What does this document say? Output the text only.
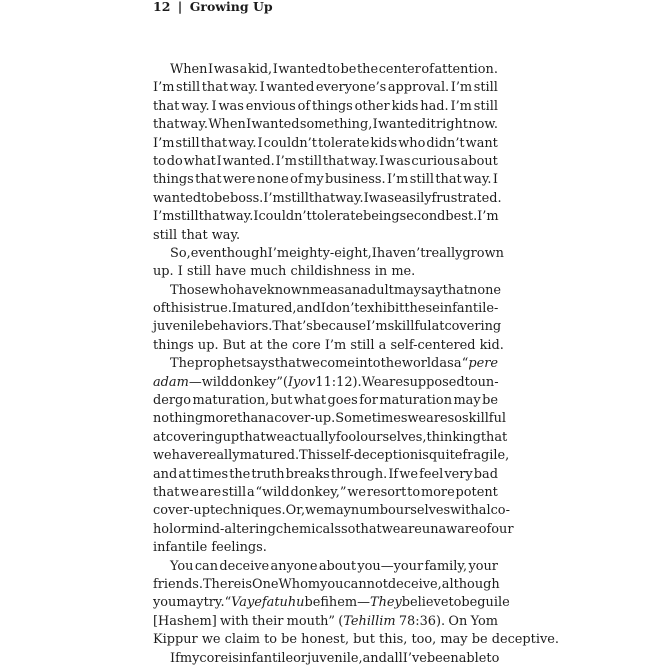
12 | Growing Up
When I was a kid, I wanted to be the center of attention.
I’m still that way. I wanted everyone’s approval. I’m still
that way. I was envious of things other kids had. I’m still
that way. When I wanted something, I wanted it right now.
I’m still that way. I couldn’t tolerate kids who didn’t want
to do what I wanted. I’m still that way. I was curious about
things that were none of my business. I’m still that way. I
wanted to be boss. I’m still that way. I was easily frustrated.
I’m still that way. I couldn’t tolerate being second best. I’m
still
that
way.
So, even though I’m eighty-eight, I haven’t really grown
up.
I
still
have
much
childishness
in
me.
Those who have known me as an adult may say that none
of this is true. I matured, and I don’t exhibit these infantile-
juvenile behaviors. That’s because I’m skillful at covering
things
up.
But
at
the
core
I’m
still
a
self-centered
kid.
The prophet says that we come into the world as a “pere
adam—wild donkey” (Iyov 11:12). We are supposed to un-
dergo maturation, but what goes for maturation may be
nothing more than a cover-up. Sometimes we are so skillful
at covering up that we actually fool ourselves, thinking that
we have really matured. This self-deception is quite fragile,
and at times the truth breaks through. If we feel very bad
that we are still a “wild donkey,” we resort to more potent
cover-up techniques. Or, we may numb ourselves with alco-
hol or mind-altering chemicals so that we are unaware of our
infantile
feelings.
You can deceive anyone about you—your family, your
friends. There is One Whom you cannot deceive, although
you may try. “Vayefatuhu befihem—They believe to beguile
[Hashem] with their mouth” (Tehillim 78:36). On Yom
Kippur
we
claim
to
be
honest,
but
this,
too,
may
be
deceptive.
If my core is infantile or juvenile, and all I’ve been able to
